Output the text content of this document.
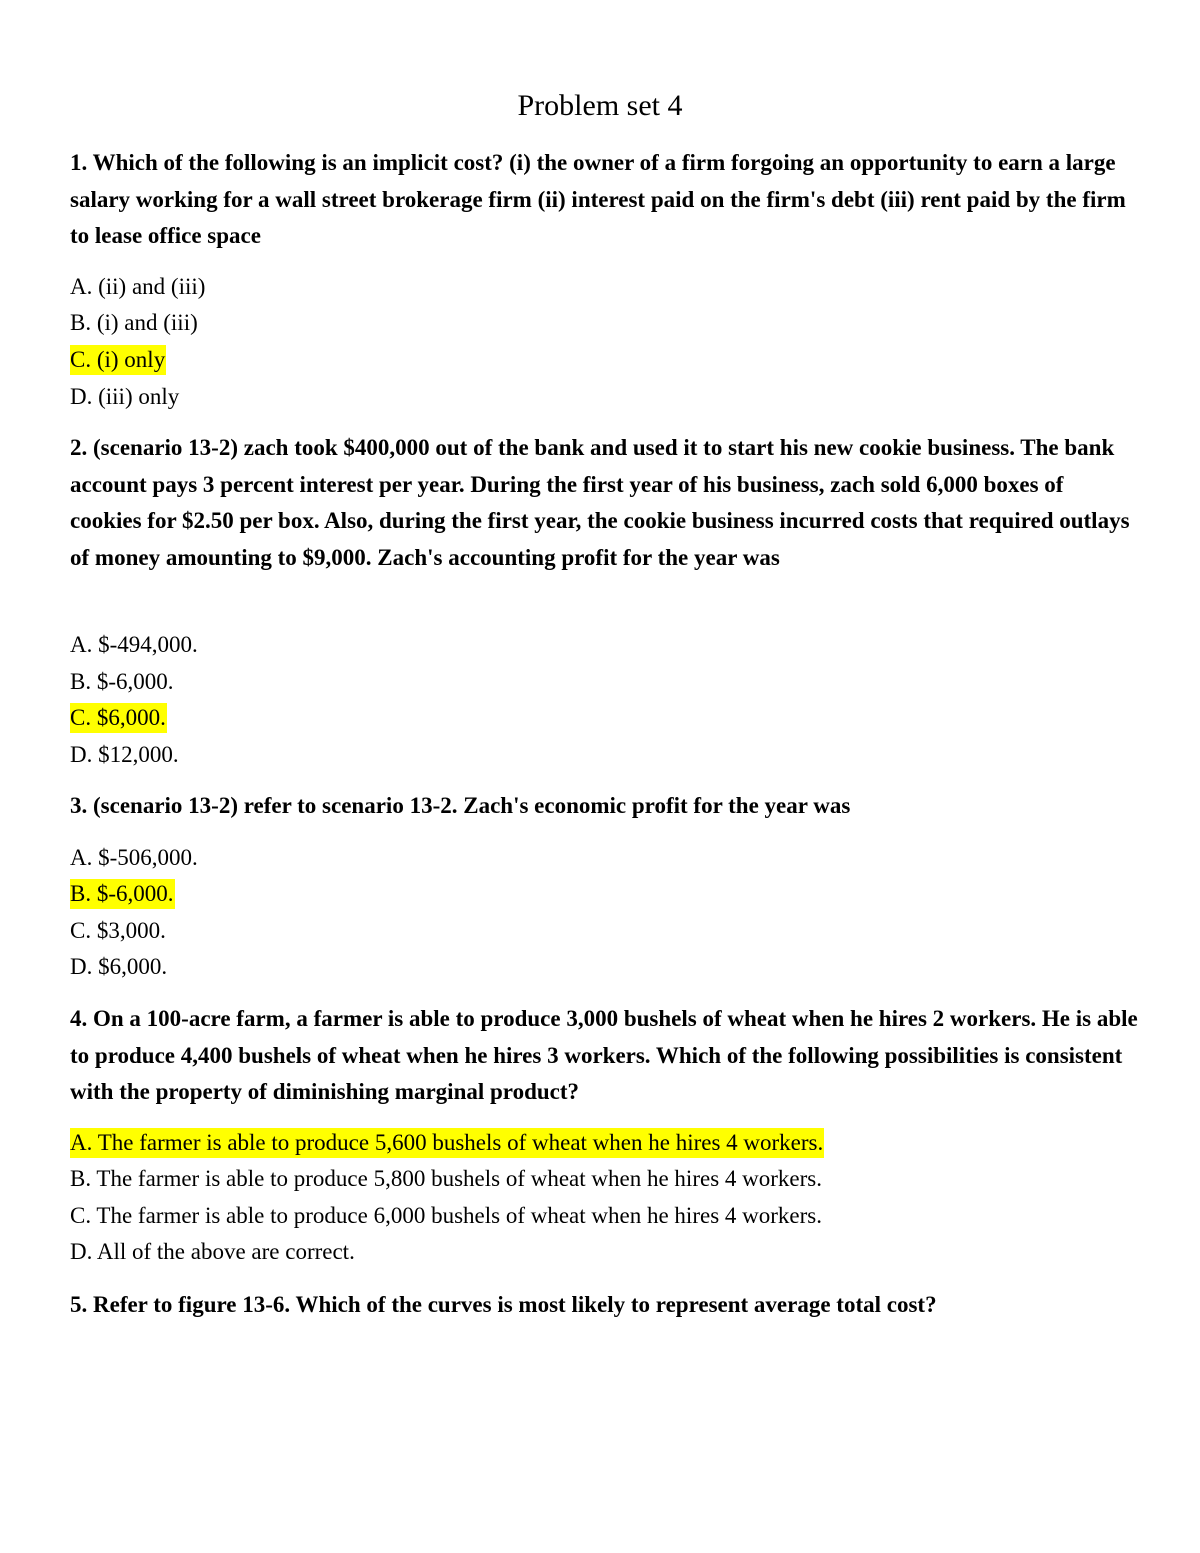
Problem set 4

1. Which of the following is an implicit cost? (i) the owner of a firm forgoing an opportunity to earn a large salary working for a wall street brokerage firm (ii) interest paid on the firm's debt (iii) rent paid by the firm to lease office space

A. (ii) and (iii)
B. (i) and (iii)
C. (i) only
D. (iii) only

2. (scenario 13-2) zach took $400,000 out of the bank and used it to start his new cookie business. The bank account pays 3 percent interest per year. During the first year of his business, zach sold 6,000 boxes of cookies for $2.50 per box. Also, during the first year, the cookie business incurred costs that required outlays of money amounting to $9,000. Zach's accounting profit for the year was

A. $-494,000.
B. $-6,000.
C. $6,000.
D. $12,000.

3. (scenario 13-2) refer to scenario 13-2. Zach's economic profit for the year was

A. $-506,000.
B. $-6,000.
C. $3,000.
D. $6,000.

4. On a 100-acre farm, a farmer is able to produce 3,000 bushels of wheat when he hires 2 workers. He is able to produce 4,400 bushels of wheat when he hires 3 workers. Which of the following possibilities is consistent with the property of diminishing marginal product?

A. The farmer is able to produce 5,600 bushels of wheat when he hires 4 workers.
B. The farmer is able to produce 5,800 bushels of wheat when he hires 4 workers.
C. The farmer is able to produce 6,000 bushels of wheat when he hires 4 workers.
D. All of the above are correct.

5. Refer to figure 13-6. Which of the curves is most likely to represent average total cost?
